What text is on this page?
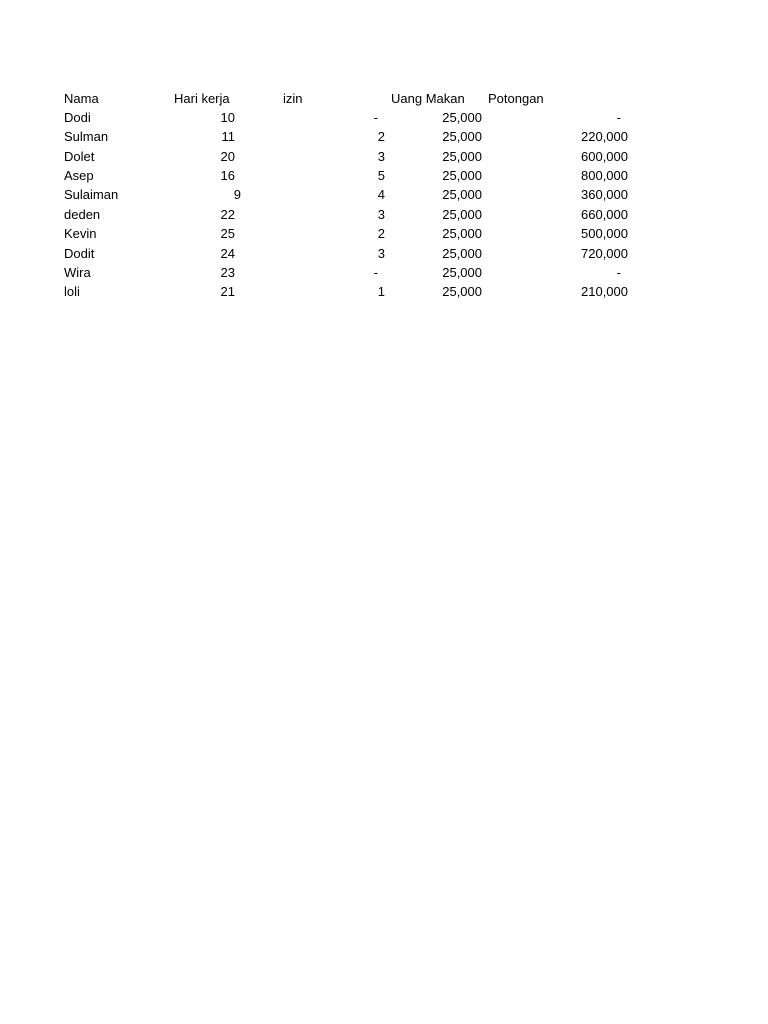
Nama	Hari kerja	izin	Uang Makan	Potongan
Dodi	10	-	25,000	-
Sulman	11	2	25,000	220,000
Dolet	20	3	25,000	600,000
Asep	16	5	25,000	800,000
Sulaiman	9	4	25,000	360,000
deden	22	3	25,000	660,000
Kevin	25	2	25,000	500,000
Dodit	24	3	25,000	720,000
Wira	23	-	25,000	-
loli	21	1	25,000	210,000
